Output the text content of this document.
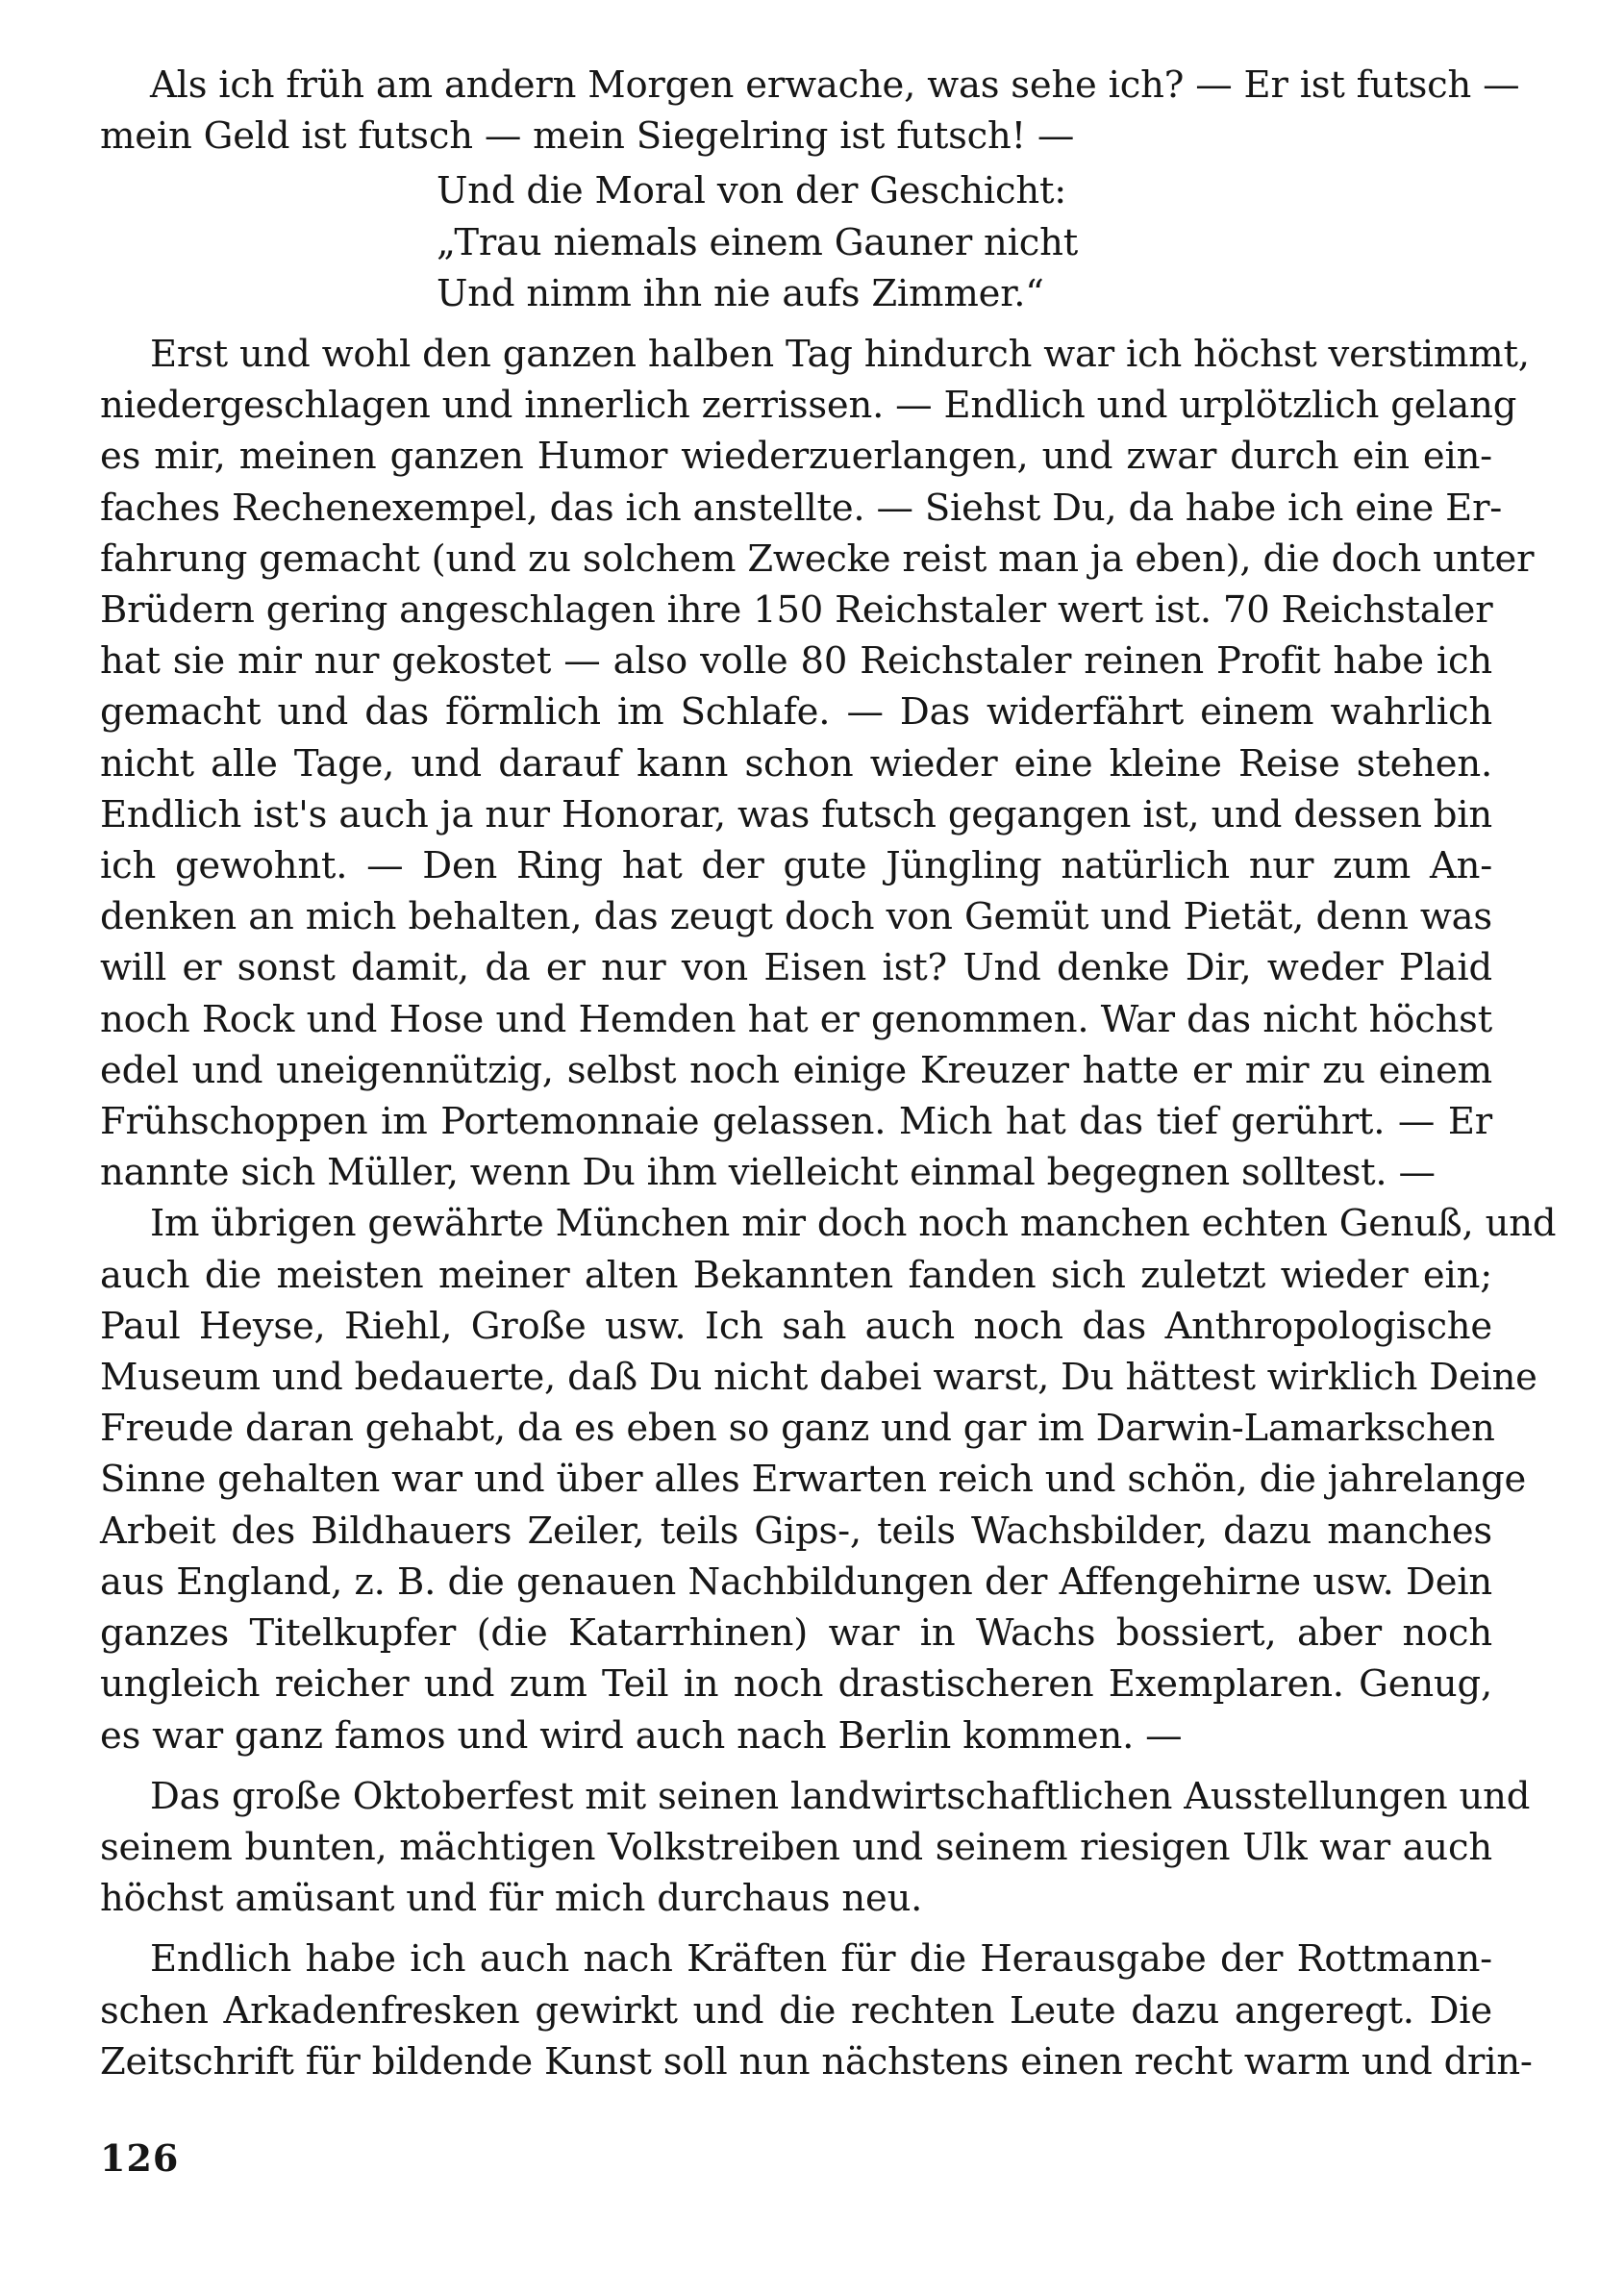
Als ich früh am andern Morgen erwache, was sehe ich? — Er ist futsch —
mein Geld ist futsch — mein Siegelring ist futsch! —

Und die Moral von der Geschicht:
„Trau niemals einem Gauner nicht
Und nimm ihn nie aufs Zimmer.“

Erst und wohl den ganzen halben Tag hindurch war ich höchst verstimmt,
niedergeschlagen und innerlich zerrissen. — Endlich und urplötzlich gelang
es mir, meinen ganzen Humor wiederzuerlangen, und zwar durch ein ein-
faches Rechenexempel, das ich anstellte. — Siehst Du, da habe ich eine Er-
fahrung gemacht (und zu solchem Zwecke reist man ja eben), die doch unter
Brüdern gering angeschlagen ihre 150 Reichstaler wert ist. 70 Reichstaler
hat sie mir nur gekostet — also volle 80 Reichstaler reinen Profit habe ich
gemacht und das förmlich im Schlafe. — Das widerfährt einem wahrlich
nicht alle Tage, und darauf kann schon wieder eine kleine Reise stehen.
Endlich ist's auch ja nur Honorar, was futsch gegangen ist, und dessen bin
ich gewohnt. — Den Ring hat der gute Jüngling natürlich nur zum An-
denken an mich behalten, das zeugt doch von Gemüt und Pietät, denn was
will er sonst damit, da er nur von Eisen ist? Und denke Dir, weder Plaid
noch Rock und Hose und Hemden hat er genommen. War das nicht höchst
edel und uneigennützig, selbst noch einige Kreuzer hatte er mir zu einem
Frühschoppen im Portemonnaie gelassen. Mich hat das tief gerührt. — Er
nannte sich Müller, wenn Du ihm vielleicht einmal begegnen solltest. —

Im übrigen gewährte München mir doch noch manchen echten Genuß, und
auch die meisten meiner alten Bekannten fanden sich zuletzt wieder ein;
Paul Heyse, Riehl, Große usw. Ich sah auch noch das Anthropologische
Museum und bedauerte, daß Du nicht dabei warst, Du hättest wirklich Deine
Freude daran gehabt, da es eben so ganz und gar im Darwin-Lamarkschen
Sinne gehalten war und über alles Erwarten reich und schön, die jahrelange
Arbeit des Bildhauers Zeiler, teils Gips-, teils Wachsbilder, dazu manches
aus England, z. B. die genauen Nachbildungen der Affengehirne usw. Dein
ganzes Titelkupfer (die Katarrhinen) war in Wachs bossiert, aber noch
ungleich reicher und zum Teil in noch drastischeren Exemplaren. Genug,
es war ganz famos und wird auch nach Berlin kommen. —

Das große Oktoberfest mit seinen landwirtschaftlichen Ausstellungen und
seinem bunten, mächtigen Volkstreiben und seinem riesigen Ulk war auch
höchst amüsant und für mich durchaus neu.

Endlich habe ich auch nach Kräften für die Herausgabe der Rottmann-
schen Arkadenfresken gewirkt und die rechten Leute dazu angeregt. Die
Zeitschrift für bildende Kunst soll nun nächstens einen recht warm und drin-

126
